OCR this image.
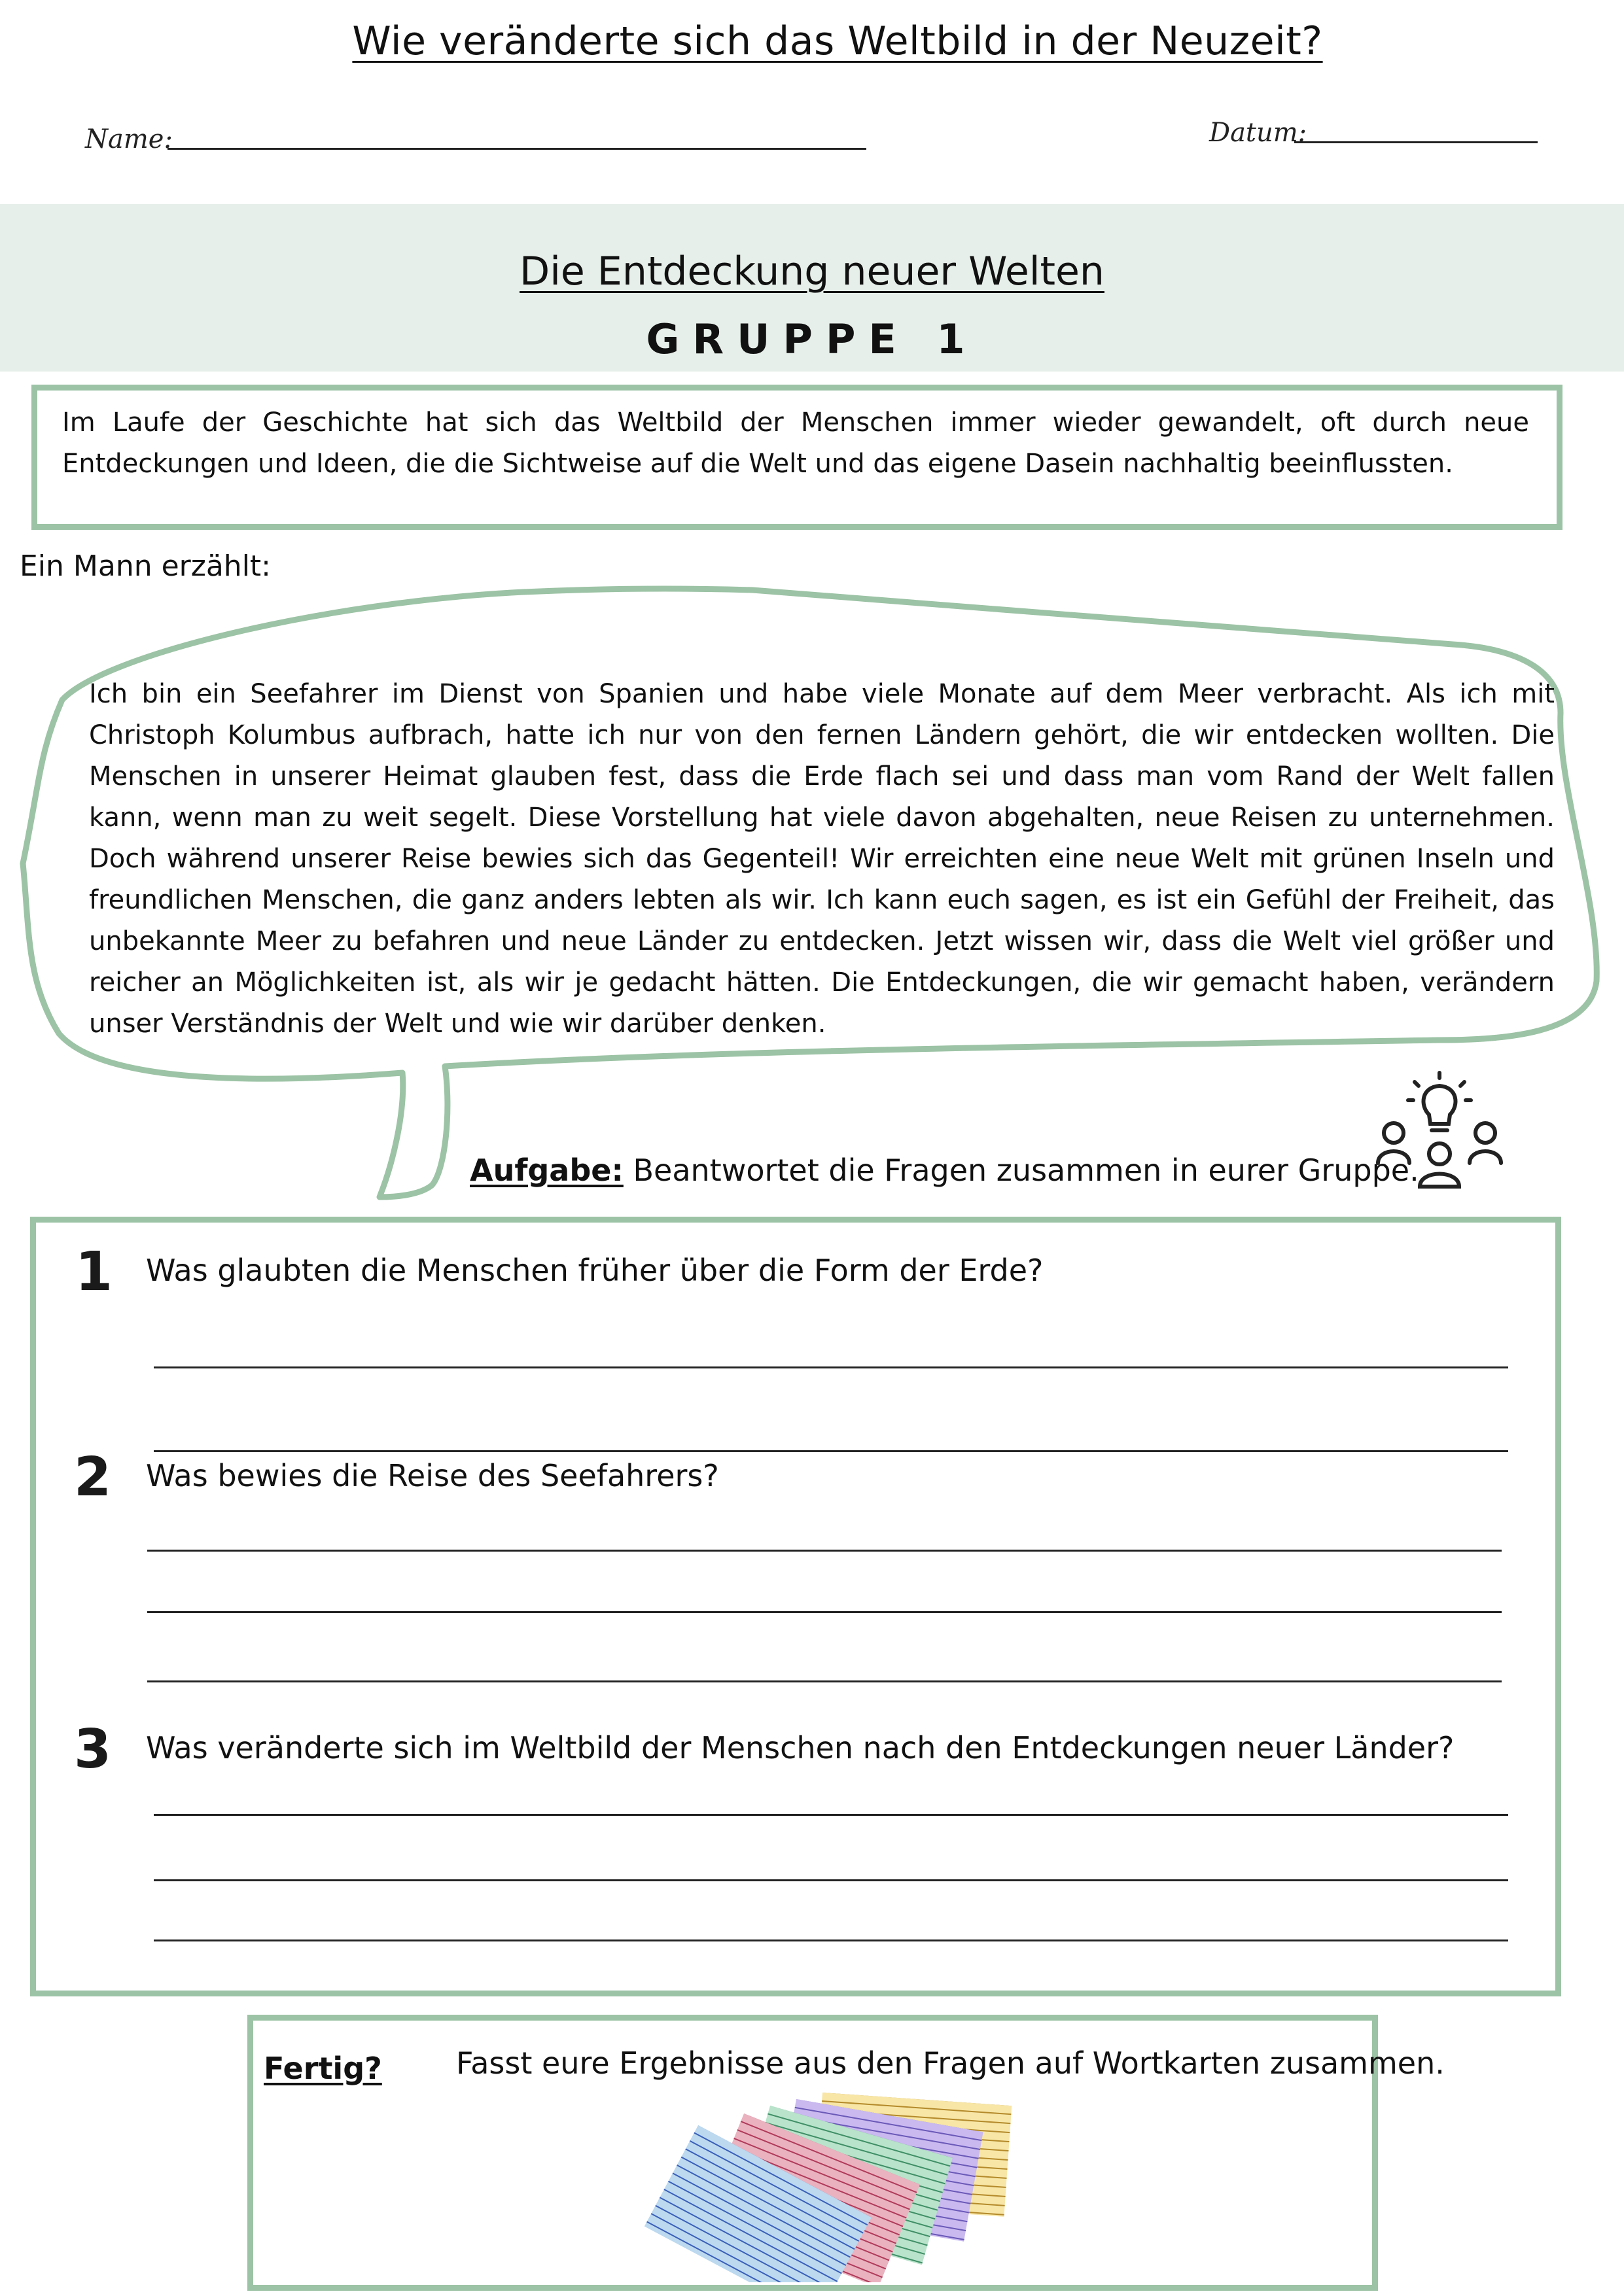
Wie veränderte sich das Weltbild in der Neuzeit?
Name:	Datum:
Die Entdeckung neuer Welten
GRUPPE 1
Im Laufe der Geschichte hat sich das Weltbild der Menschen immer wieder gewandelt, oft durch neue Entdeckungen und Ideen, die die Sichtweise auf die Welt und das eigene Dasein nachhaltig beeinflussten.
Ein Mann erzählt:
Ich bin ein Seefahrer im Dienst von Spanien und habe viele Monate auf dem Meer verbracht. Als ich mit Christoph Kolumbus aufbrach, hatte ich nur von den fernen Ländern gehört, die wir entdecken wollten. Die Menschen in unserer Heimat glauben fest, dass die Erde flach sei und dass man vom Rand der Welt fallen kann, wenn man zu weit segelt. Diese Vorstellung hat viele davon abgehalten, neue Reisen zu unternehmen. Doch während unserer Reise bewies sich das Gegenteil! Wir erreichten eine neue Welt mit grünen Inseln und freundlichen Menschen, die ganz anders lebten als wir. Ich kann euch sagen, es ist ein Gefühl der Freiheit, das unbekannte Meer zu befahren und neue Länder zu entdecken. Jetzt wissen wir, dass die Welt viel größer und reicher an Möglichkeiten ist, als wir je gedacht hätten. Die Entdeckungen, die wir gemacht haben, verändern unser Verständnis der Welt und wie wir darüber denken.
Aufgabe: Beantwortet die Fragen zusammen in eurer Gruppe.
1 Was glaubten die Menschen früher über die Form der Erde?
2 Was bewies die Reise des Seefahrers?
3 Was veränderte sich im Weltbild der Menschen nach den Entdeckungen neuer Länder?
Fertig? Fasst eure Ergebnisse aus den Fragen auf Wortkarten zusammen.
